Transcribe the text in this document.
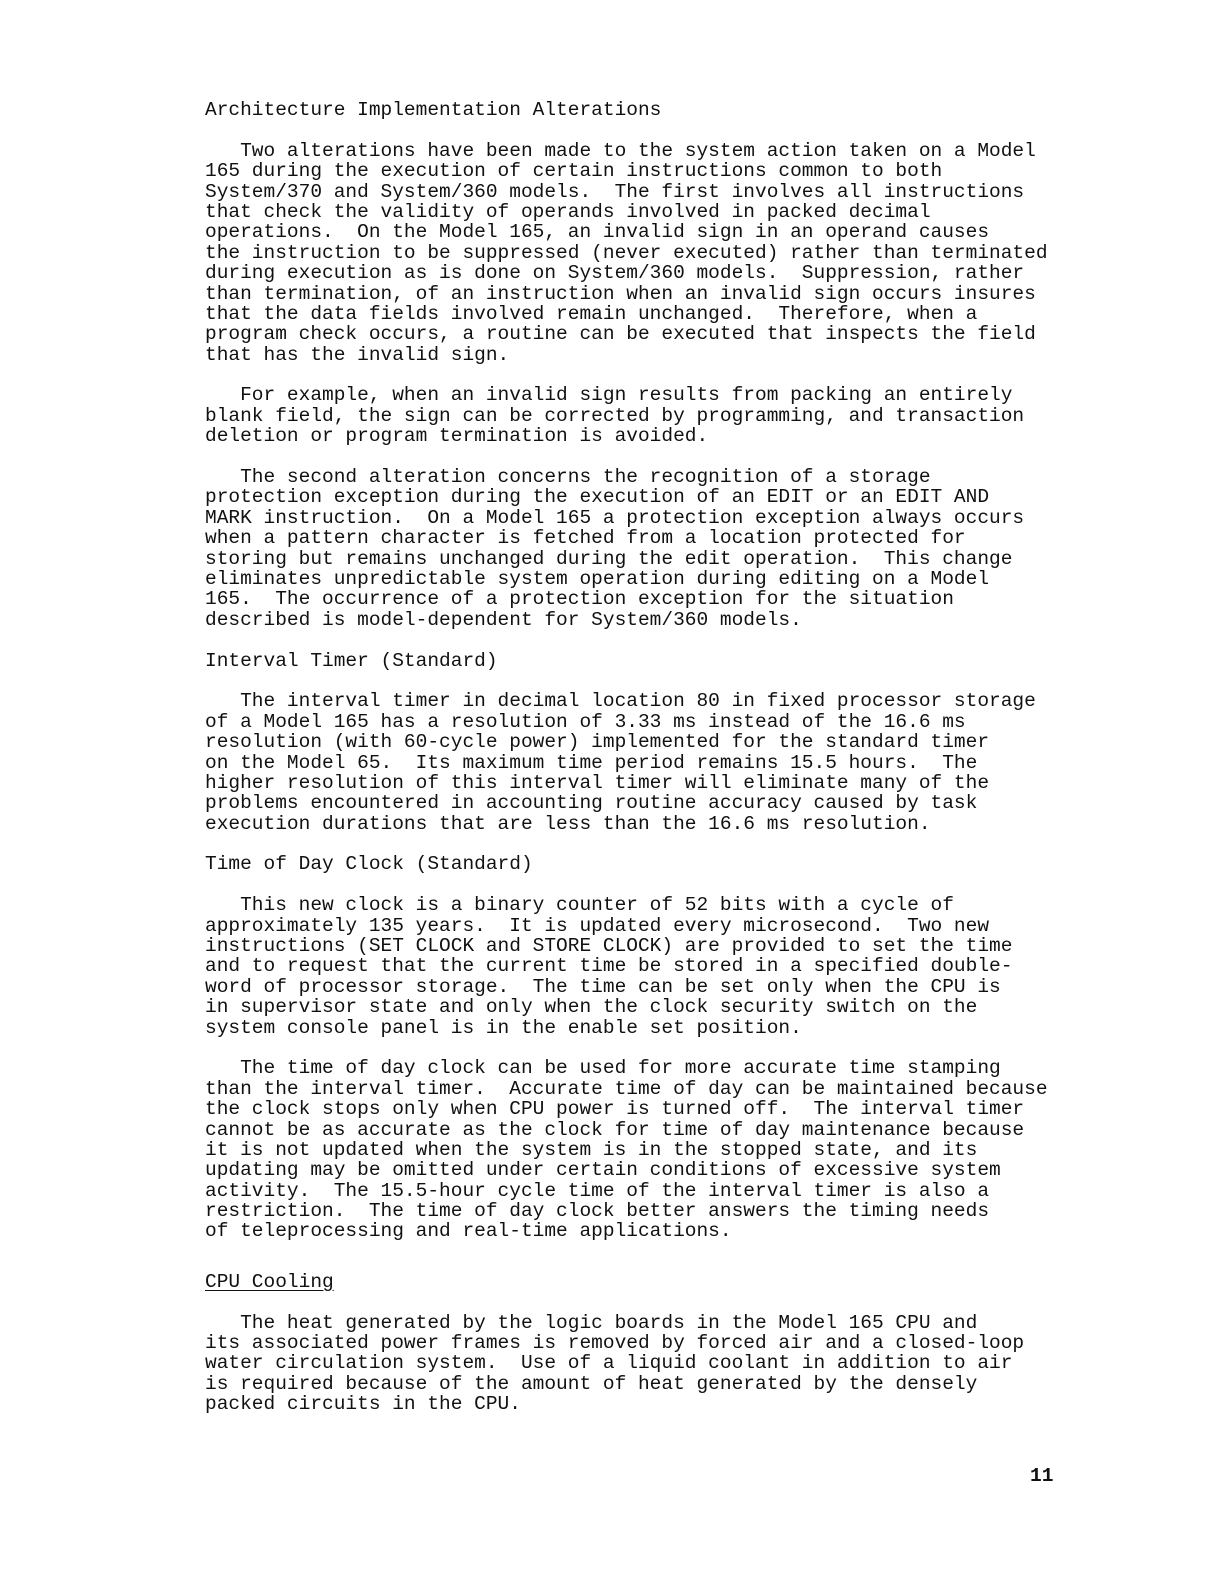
Architecture Implementation Alterations
Two alterations have been made to the system action taken on a Model
165 during the execution of certain instructions common to both
System/370 and System/360 models.  The first involves all instructions
that check the validity of operands involved in packed decimal
operations.  On the Model 165, an invalid sign in an operand causes
the instruction to be suppressed (never executed) rather than terminated
during execution as is done on System/360 models.  Suppression, rather
than termination, of an instruction when an invalid sign occurs insures
that the data fields involved remain unchanged.  Therefore, when a
program check occurs, a routine can be executed that inspects the field
that has the invalid sign.
For example, when an invalid sign results from packing an entirely
blank field, the sign can be corrected by programming, and transaction
deletion or program termination is avoided.
The second alteration concerns the recognition of a storage
protection exception during the execution of an EDIT or an EDIT AND
MARK instruction.  On a Model 165 a protection exception always occurs
when a pattern character is fetched from a location protected for
storing but remains unchanged during the edit operation.  This change
eliminates unpredictable system operation during editing on a Model
165.  The occurrence of a protection exception for the situation
described is model-dependent for System/360 models.
Interval Timer (Standard)
The interval timer in decimal location 80 in fixed processor storage
of a Model 165 has a resolution of 3.33 ms instead of the 16.6 ms
resolution (with 60-cycle power) implemented for the standard timer
on the Model 65.  Its maximum time period remains 15.5 hours.  The
higher resolution of this interval timer will eliminate many of the
problems encountered in accounting routine accuracy caused by task
execution durations that are less than the 16.6 ms resolution.
Time of Day Clock (Standard)
This new clock is a binary counter of 52 bits with a cycle of
approximately 135 years.  It is updated every microsecond.  Two new
instructions (SET CLOCK and STORE CLOCK) are provided to set the time
and to request that the current time be stored in a specified double-
word of processor storage.  The time can be set only when the CPU is
in supervisor state and only when the clock security switch on the
system console panel is in the enable set position.
The time of day clock can be used for more accurate time stamping
than the interval timer.  Accurate time of day can be maintained because
the clock stops only when CPU power is turned off.  The interval timer
cannot be as accurate as the clock for time of day maintenance because
it is not updated when the system is in the stopped state, and its
updating may be omitted under certain conditions of excessive system
activity.  The 15.5-hour cycle time of the interval timer is also a
restriction.  The time of day clock better answers the timing needs
of teleprocessing and real-time applications.
CPU Cooling
The heat generated by the logic boards in the Model 165 CPU and
its associated power frames is removed by forced air and a closed-loop
water circulation system.  Use of a liquid coolant in addition to air
is required because of the amount of heat generated by the densely
packed circuits in the CPU.
11
